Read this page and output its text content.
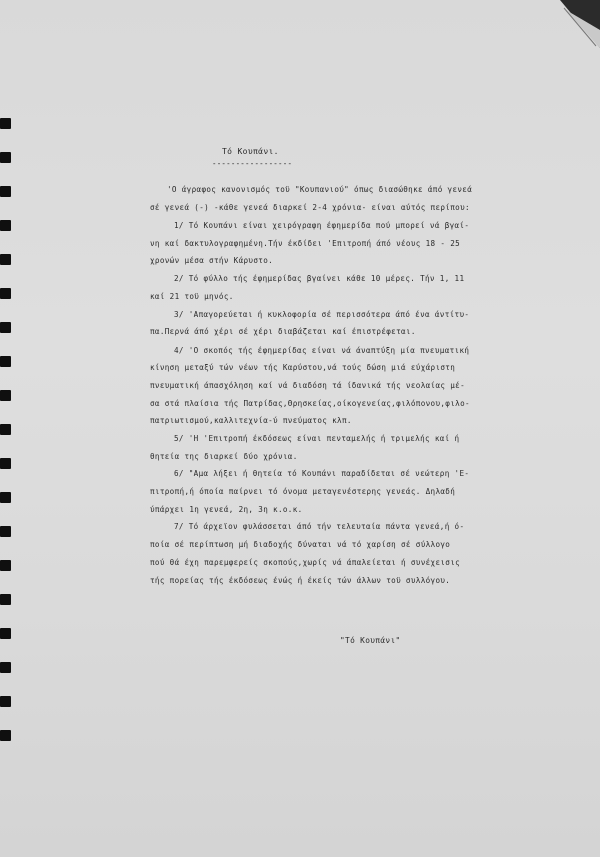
Τό Κουπάνι.
-----------------
'Ο άγραφος κανονισμός τοϋ "Κουπανιού" όπως διασώθηκε άπό γενεά
σέ γενεά (-) -κάθε γενεά διαρκεί 2-4 χρόνια- είναι αύτός περίπου:
1/ Τό Κουπάνι είναι χειρόγραφη έφημερίδα πού μπορεί νά βγαί-
νη καί δακτυλογραφημένη.Τήν έκδίδει 'Επιτροπή άπό νέους 18 - 25
χρονών μέσα στήν Κάρυστο.
2/ Τό φύλλο τής έφημερίδας βγαίνει κάθε 10 μέρες. Τήν 1, 11
καί 21 τοϋ μηνός.
3/ 'Απαγορεύεται ή κυκλοφορία σέ περισσότερα άπό ένα άντίτυ-
πα.Περνά άπό χέρι σέ χέρι διαβάζεται καί έπιστρέφεται.
4/ 'Ο σκοπός τής έφημερίδας είναι νά άναπτύξη μία πνευματική
κίνηση μεταξύ τών νέων τής Καρύστου,νά τούς δώση μιά εύχάριστη
πνευματική άπασχόληση καί νά διαδόση τά ίδανικά τής νεολαίας μέ-
σα στά πλαίσια τής Πατρίδας,Θρησκείας,οίκογενείας,φιλόπονου,φιλο-
πατριωτισμού,καλλιτεχνία-ύ πνεύματος κλπ.
5/ 'Η 'Επιτροπή έκδόσεως είναι πενταμελής ή τριμελής καί ή
θητεία της διαρκεί δύο χρόνια.
6/ "Αμα λήξει ή θητεία τό Κουπάνι παραδίδεται σέ νεώτερη 'Ε-
πιτροπή,ή όποία παίρνει τό όνομα μεταγενέστερης γενεάς. Δηλαδή
ύπάρχει 1η γενεά, 2η, 3η κ.ο.κ.
7/ Τό άρχεϊον φυλάσσεται άπό τήν τελευταία πάντα γενεά,ή ό-
ποία σέ περίπτωση μή διαδοχής δύναται νά τό χαρίση σέ σύλλογο
πού θά έχη παρεμφερείς σκοπούς,χωρίς νά άπαλείεται ή συνέχεισις
τής πορείας τής έκδόσεως ένώς ή έκείς τών άλλων τοϋ συλλόγου.
"Τό Κουπάνι"
